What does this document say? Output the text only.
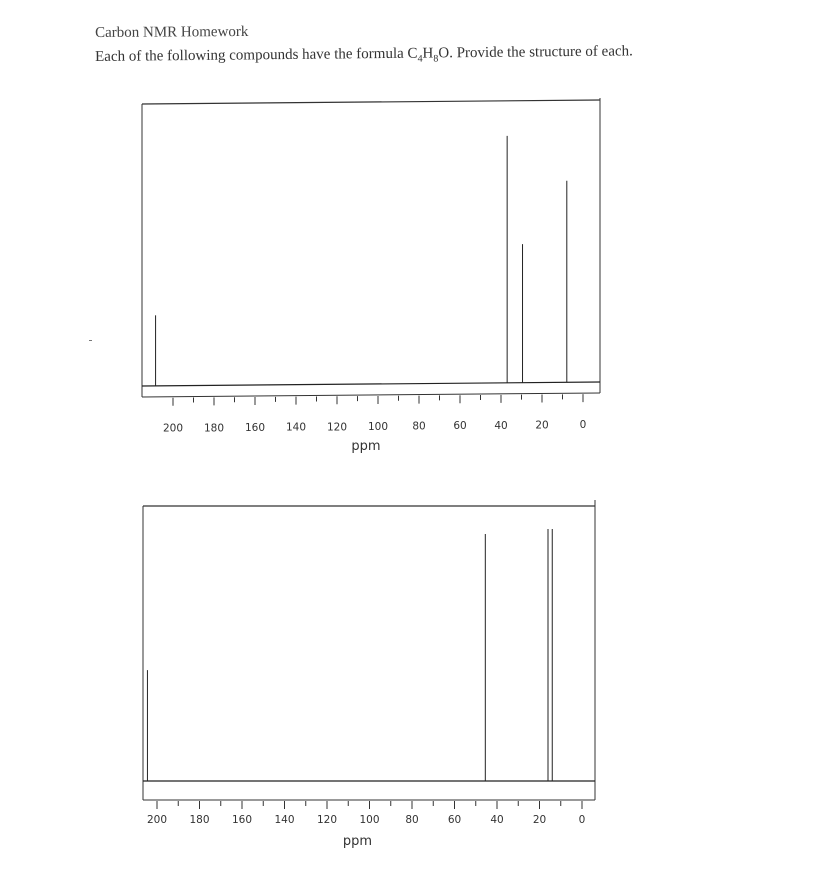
Carbon NMR Homework
Each of the following compounds have the formula $C_4H_8O$. Provide the structure of each.
200 180 160 140 120 100 80	60	40	20	0
ppm
200 180 160 140 120 100 80	60	40	20	0
ppm
